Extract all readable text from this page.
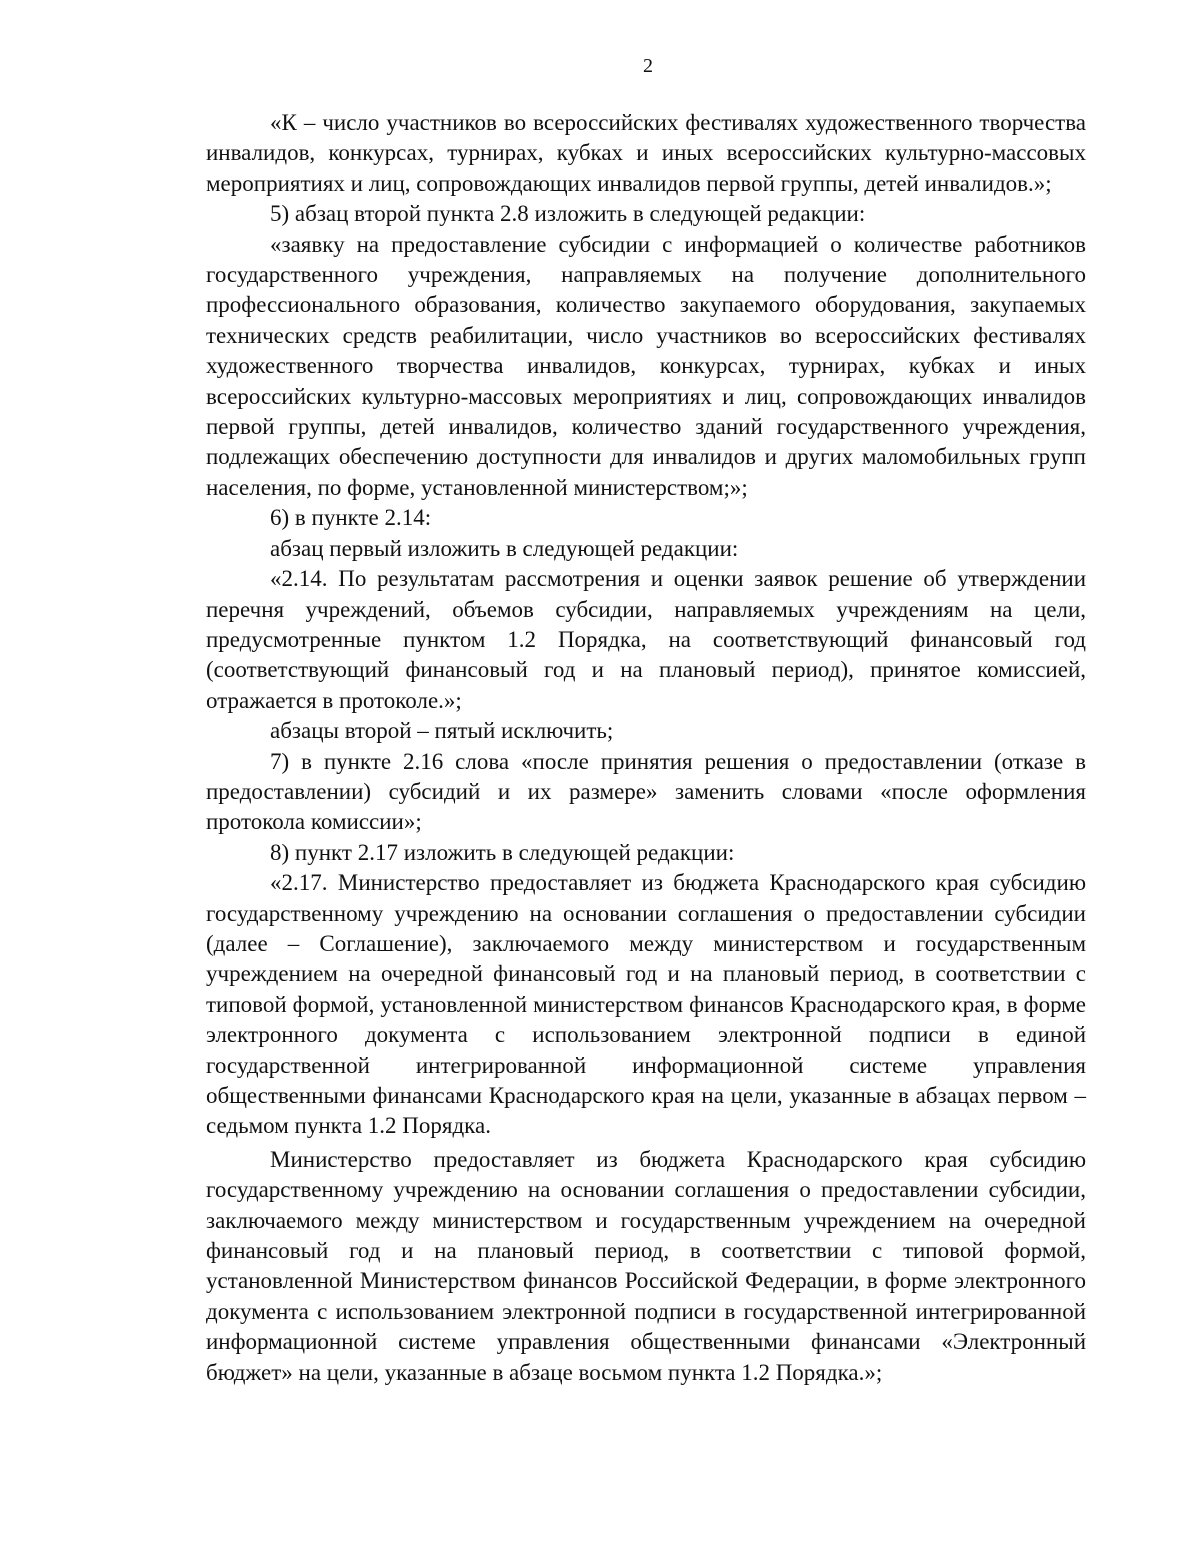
2

«К – число участников во всероссийских фестивалях художественного творчества инвалидов, конкурсах, турнирах, кубках и иных всероссийских культурно-массовых мероприятиях и лиц, сопровождающих инвалидов первой группы, детей инвалидов.»;

5) абзац второй пункта 2.8 изложить в следующей редакции:

«заявку на предоставление субсидии с информацией о количестве работников государственного учреждения, направляемых на получение дополнительного профессионального образования, количество закупаемого оборудования, закупаемых технических средств реабилитации, число участников во всероссийских фестивалях художественного творчества инвалидов, конкурсах, турнирах, кубках и иных всероссийских культурно-массовых мероприятиях и лиц, сопровождающих инвалидов первой группы, детей инвалидов, количество зданий государственного учреждения, подлежащих обеспечению доступности для инвалидов и других маломобильных групп населения, по форме, установленной министерством;»;

6) в пункте 2.14:

абзац первый изложить в следующей редакции:

«2.14. По результатам рассмотрения и оценки заявок решение об утверждении перечня учреждений, объемов субсидии, направляемых учреждениям на цели, предусмотренные пунктом 1.2 Порядка, на соответствующий финансовый год (соответствующий финансовый год и на плановый период), принятое комиссией, отражается в протоколе.»;

абзацы второй – пятый исключить;

7) в пункте 2.16 слова «после принятия решения о предоставлении (отказе в предоставлении) субсидий и их размере» заменить словами «после оформления протокола комиссии»;

8) пункт 2.17 изложить в следующей редакции:

«2.17. Министерство предоставляет из бюджета Краснодарского края субсидию государственному учреждению на основании соглашения о предоставлении субсидии (далее – Соглашение), заключаемого между министерством и государственным учреждением на очередной финансовый год и на плановый период, в соответствии с типовой формой, установленной министерством финансов Краснодарского края, в форме электронного документа с использованием электронной подписи в единой государственной интегрированной информационной системе управления общественными финансами Краснодарского края на цели, указанные в абзацах первом – седьмом пункта 1.2 Порядка.

Министерство предоставляет из бюджета Краснодарского края субсидию государственному учреждению на основании соглашения о предоставлении субсидии, заключаемого между министерством и государственным учреждением на очередной финансовый год и на плановый период, в соответствии с типовой формой, установленной Министерством финансов Российской Федерации, в форме электронного документа с использованием электронной подписи в государственной интегрированной информационной системе управления общественными финансами «Электронный бюджет» на цели, указанные в абзаце восьмом пункта 1.2 Порядка.»;
